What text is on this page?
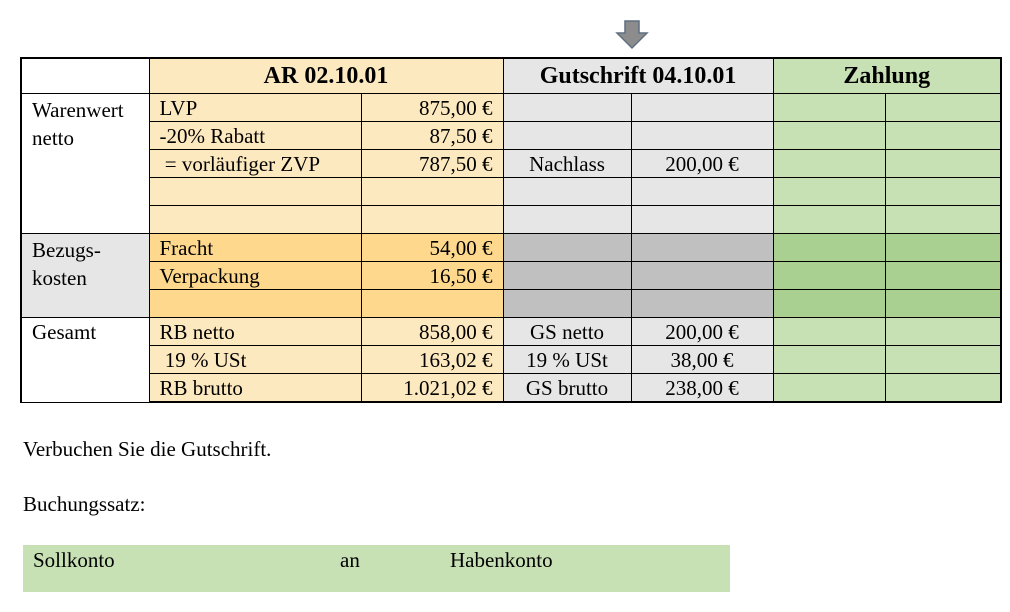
	AR 02.10.01		Gutschrift 04.10.01		Zahlung	
Warenwert netto	LVP	875,00 €				
	-20% Rabatt	87,50 €				
	= vorläufiger ZVP	787,50 €	Nachlass	200,00 €		

Bezugs-kosten	Fracht	54,00 €				
	Verpackung	16,50 €				

Gesamt	RB netto	858,00 €	GS netto	200,00 €		
	19 % USt	163,02 €	19 % USt	38,00 €		
	RB brutto	1.021,02 €	GS brutto	238,00 €		
Verbuchen Sie die Gutschrift.
Buchungssatz:
Sollkonto	an	Habenkonto
